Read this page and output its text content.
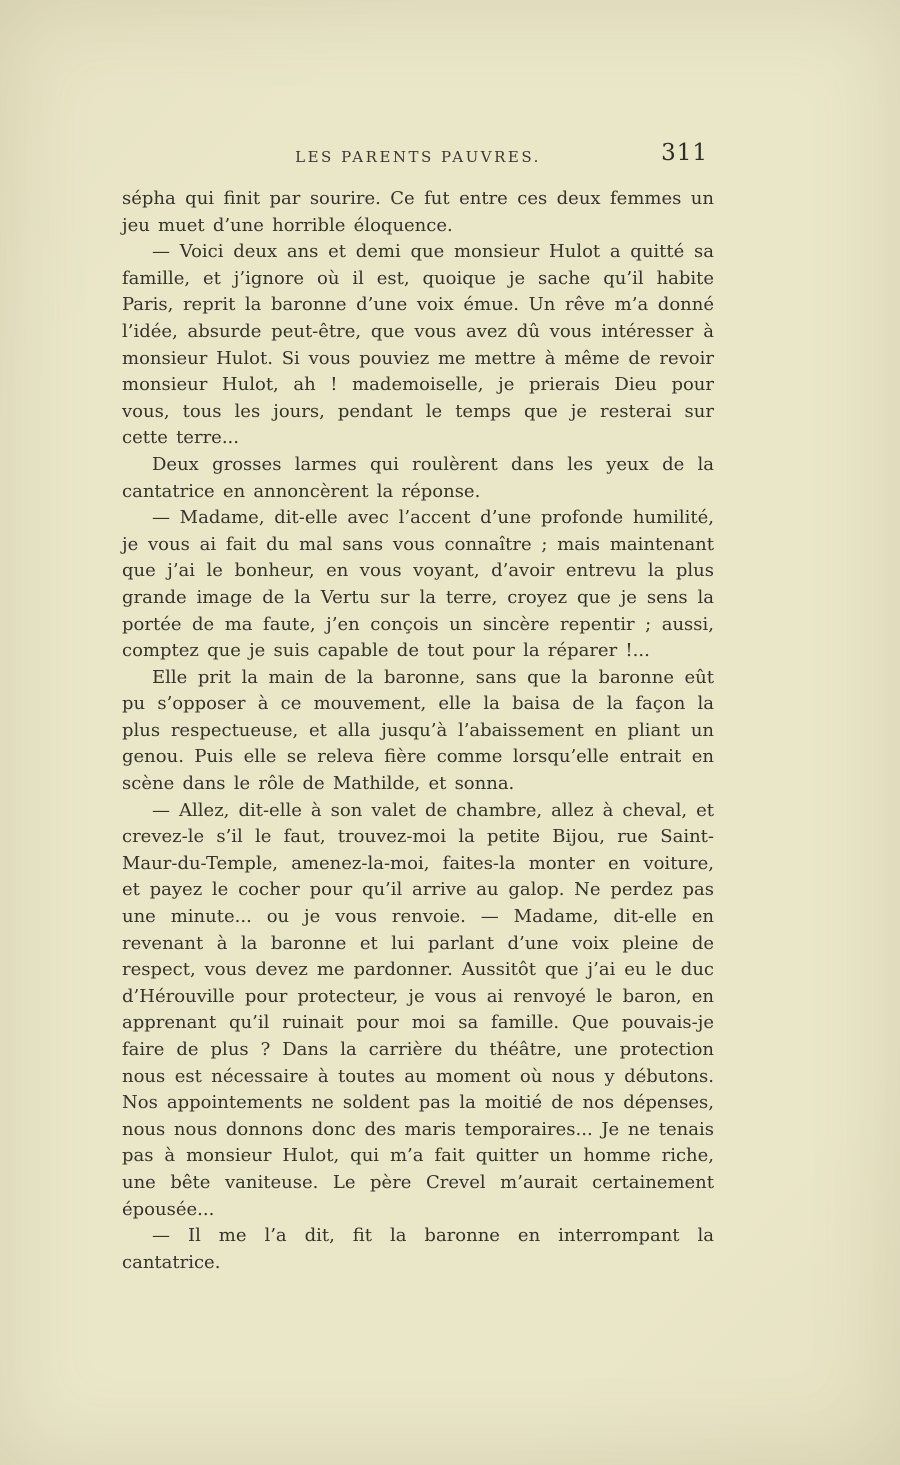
LES PARENTS PAUVRES.	311

sépha qui finit par sourire. Ce fut entre ces deux femmes un jeu muet d’une horrible éloquence.

— Voici deux ans et demi que monsieur Hulot a quitté sa famille, et j’ignore où il est, quoique je sache qu’il habite Paris, reprit la baronne d’une voix émue. Un rêve m’a donné l’idée, absurde peut-être, que vous avez dû vous intéresser à monsieur Hulot. Si vous pouviez me mettre à même de revoir monsieur Hulot, ah ! mademoiselle, je prierais Dieu pour vous, tous les jours, pendant le temps que je resterai sur cette terre...

Deux grosses larmes qui roulèrent dans les yeux de la cantatrice en annoncèrent la réponse.

— Madame, dit-elle avec l’accent d’une profonde humilité, je vous ai fait du mal sans vous connaître ; mais maintenant que j’ai le bonheur, en vous voyant, d’avoir entrevu la plus grande image de la Vertu sur la terre, croyez que je sens la portée de ma faute, j’en conçois un sincère repentir ; aussi, comptez que je suis capable de tout pour la réparer !...

Elle prit la main de la baronne, sans que la baronne eût pu s’opposer à ce mouvement, elle la baisa de la façon la plus respectueuse, et alla jusqu’à l’abaissement en pliant un genou. Puis elle se releva fière comme lorsqu’elle entrait en scène dans le rôle de Mathilde, et sonna.

— Allez, dit-elle à son valet de chambre, allez à cheval, et crevez-le s’il le faut, trouvez-moi la petite Bijou, rue Saint-Maur-du-Temple, amenez-la-moi, faites-la monter en voiture, et payez le cocher pour qu’il arrive au galop. Ne perdez pas une minute... ou je vous renvoie. — Madame, dit-elle en revenant à la baronne et lui parlant d’une voix pleine de respect, vous devez me pardonner. Aussitôt que j’ai eu le duc d’Hérouville pour protecteur, je vous ai renvoyé le baron, en apprenant qu’il ruinait pour moi sa famille. Que pouvais-je faire de plus ? Dans la carrière du théâtre, une protection nous est nécessaire à toutes au moment où nous y débutons. Nos appointements ne soldent pas la moitié de nos dépenses, nous nous donnons donc des maris temporaires... Je ne tenais pas à monsieur Hulot, qui m’a fait quitter un homme riche, une bête vaniteuse. Le père Crevel m’aurait certainement épousée...

— Il me l’a dit, fit la baronne en interrompant la cantatrice.
